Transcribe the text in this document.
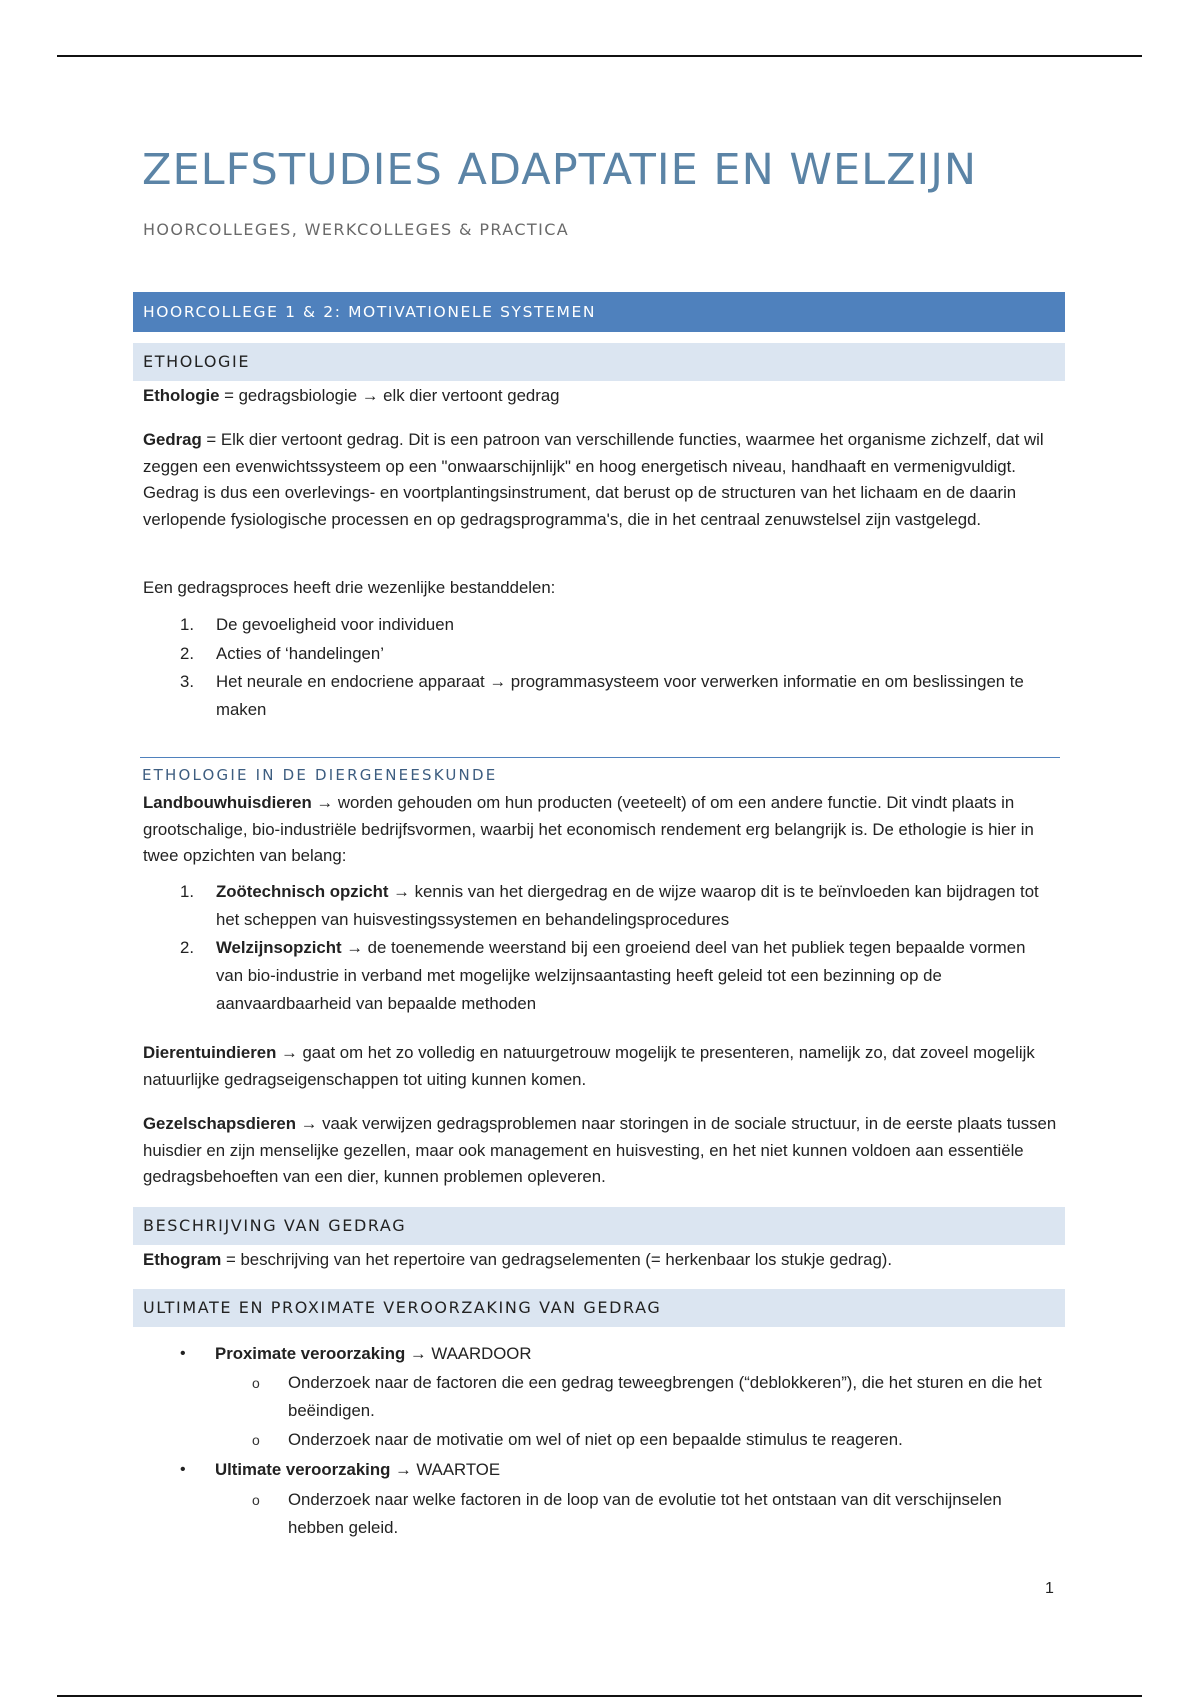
ZELFSTUDIES ADAPTATIE EN WELZIJN
HOORCOLLEGES, WERKCOLLEGES & PRACTICA
HOORCOLLEGE 1 & 2: MOTIVATIONELE SYSTEMEN
ETHOLOGIE

Ethologie = gedragsbiologie → elk dier vertoont gedrag

Gedrag = Elk dier vertoont gedrag. Dit is een patroon van verschillende functies, waarmee het organisme zichzelf, dat wil zeggen een evenwichtssysteem op een "onwaarschijnlijk" en hoog energetisch niveau, handhaaft en vermenigvuldigt. Gedrag is dus een overlevings- en voortplantingsinstrument, dat berust op de structuren van het lichaam en de daarin verlopende fysiologische processen en op gedragsprogramma's, die in het centraal zenuwstelsel zijn vastgelegd.

Een gedragsproces heeft drie wezenlijke bestanddelen:

1.	De gevoeligheid voor individuen
2.	Acties of ‘handelingen’
3.	Het neurale en endocriene apparaat → programmasysteem voor verwerken informatie en om beslissingen te maken
ETHOLOGIE IN DE DIERGENEESKUNDE

Landbouwhuisdieren → worden gehouden om hun producten (veeteelt) of om een andere functie. Dit vindt plaats in grootschalige, bio-industriële bedrijfsvormen, waarbij het economisch rendement erg belangrijk is. De ethologie is hier in twee opzichten van belang:

1.	Zoötechnisch opzicht → kennis van het diergedrag en de wijze waarop dit is te beïnvloeden kan bijdragen tot het scheppen van huisvestingssystemen en behandelingsprocedures
2.	Welzijnsopzicht → de toenemende weerstand bij een groeiend deel van het publiek tegen bepaalde vormen van bio-industrie in verband met mogelijke welzijnsaantasting heeft geleid tot een bezinning op de aanvaardbaarheid van bepaalde methoden

Dierentuindieren → gaat om het zo volledig en natuurgetrouw mogelijk te presenteren, namelijk zo, dat zoveel mogelijk natuurlijke gedragseigenschappen tot uiting kunnen komen.

Gezelschapsdieren → vaak verwijzen gedragsproblemen naar storingen in de sociale structuur, in de eerste plaats tussen huisdier en zijn menselijke gezellen, maar ook management en huisvesting, en het niet kunnen voldoen aan essentiële gedragsbehoeften van een dier, kunnen problemen opleveren.

BESCHRIJVING VAN GEDRAG

Ethogram = beschrijving van het repertoire van gedragselementen (= herkenbaar los stukje gedrag).

ULTIMATE EN PROXIMATE VEROORZAKING VAN GEDRAG
• Proximate veroorzaking → WAARDOOR
o Onderzoek naar de factoren die een gedrag teweegbrengen (“deblokkeren”), die het sturen en die het beëindigen.
o Onderzoek naar de motivatie om wel of niet op een bepaalde stimulus te reageren.
• Ultimate veroorzaking → WAARTOE
o Onderzoek naar welke factoren in de loop van de evolutie tot het ontstaan van dit verschijnselen hebben geleid.
1
